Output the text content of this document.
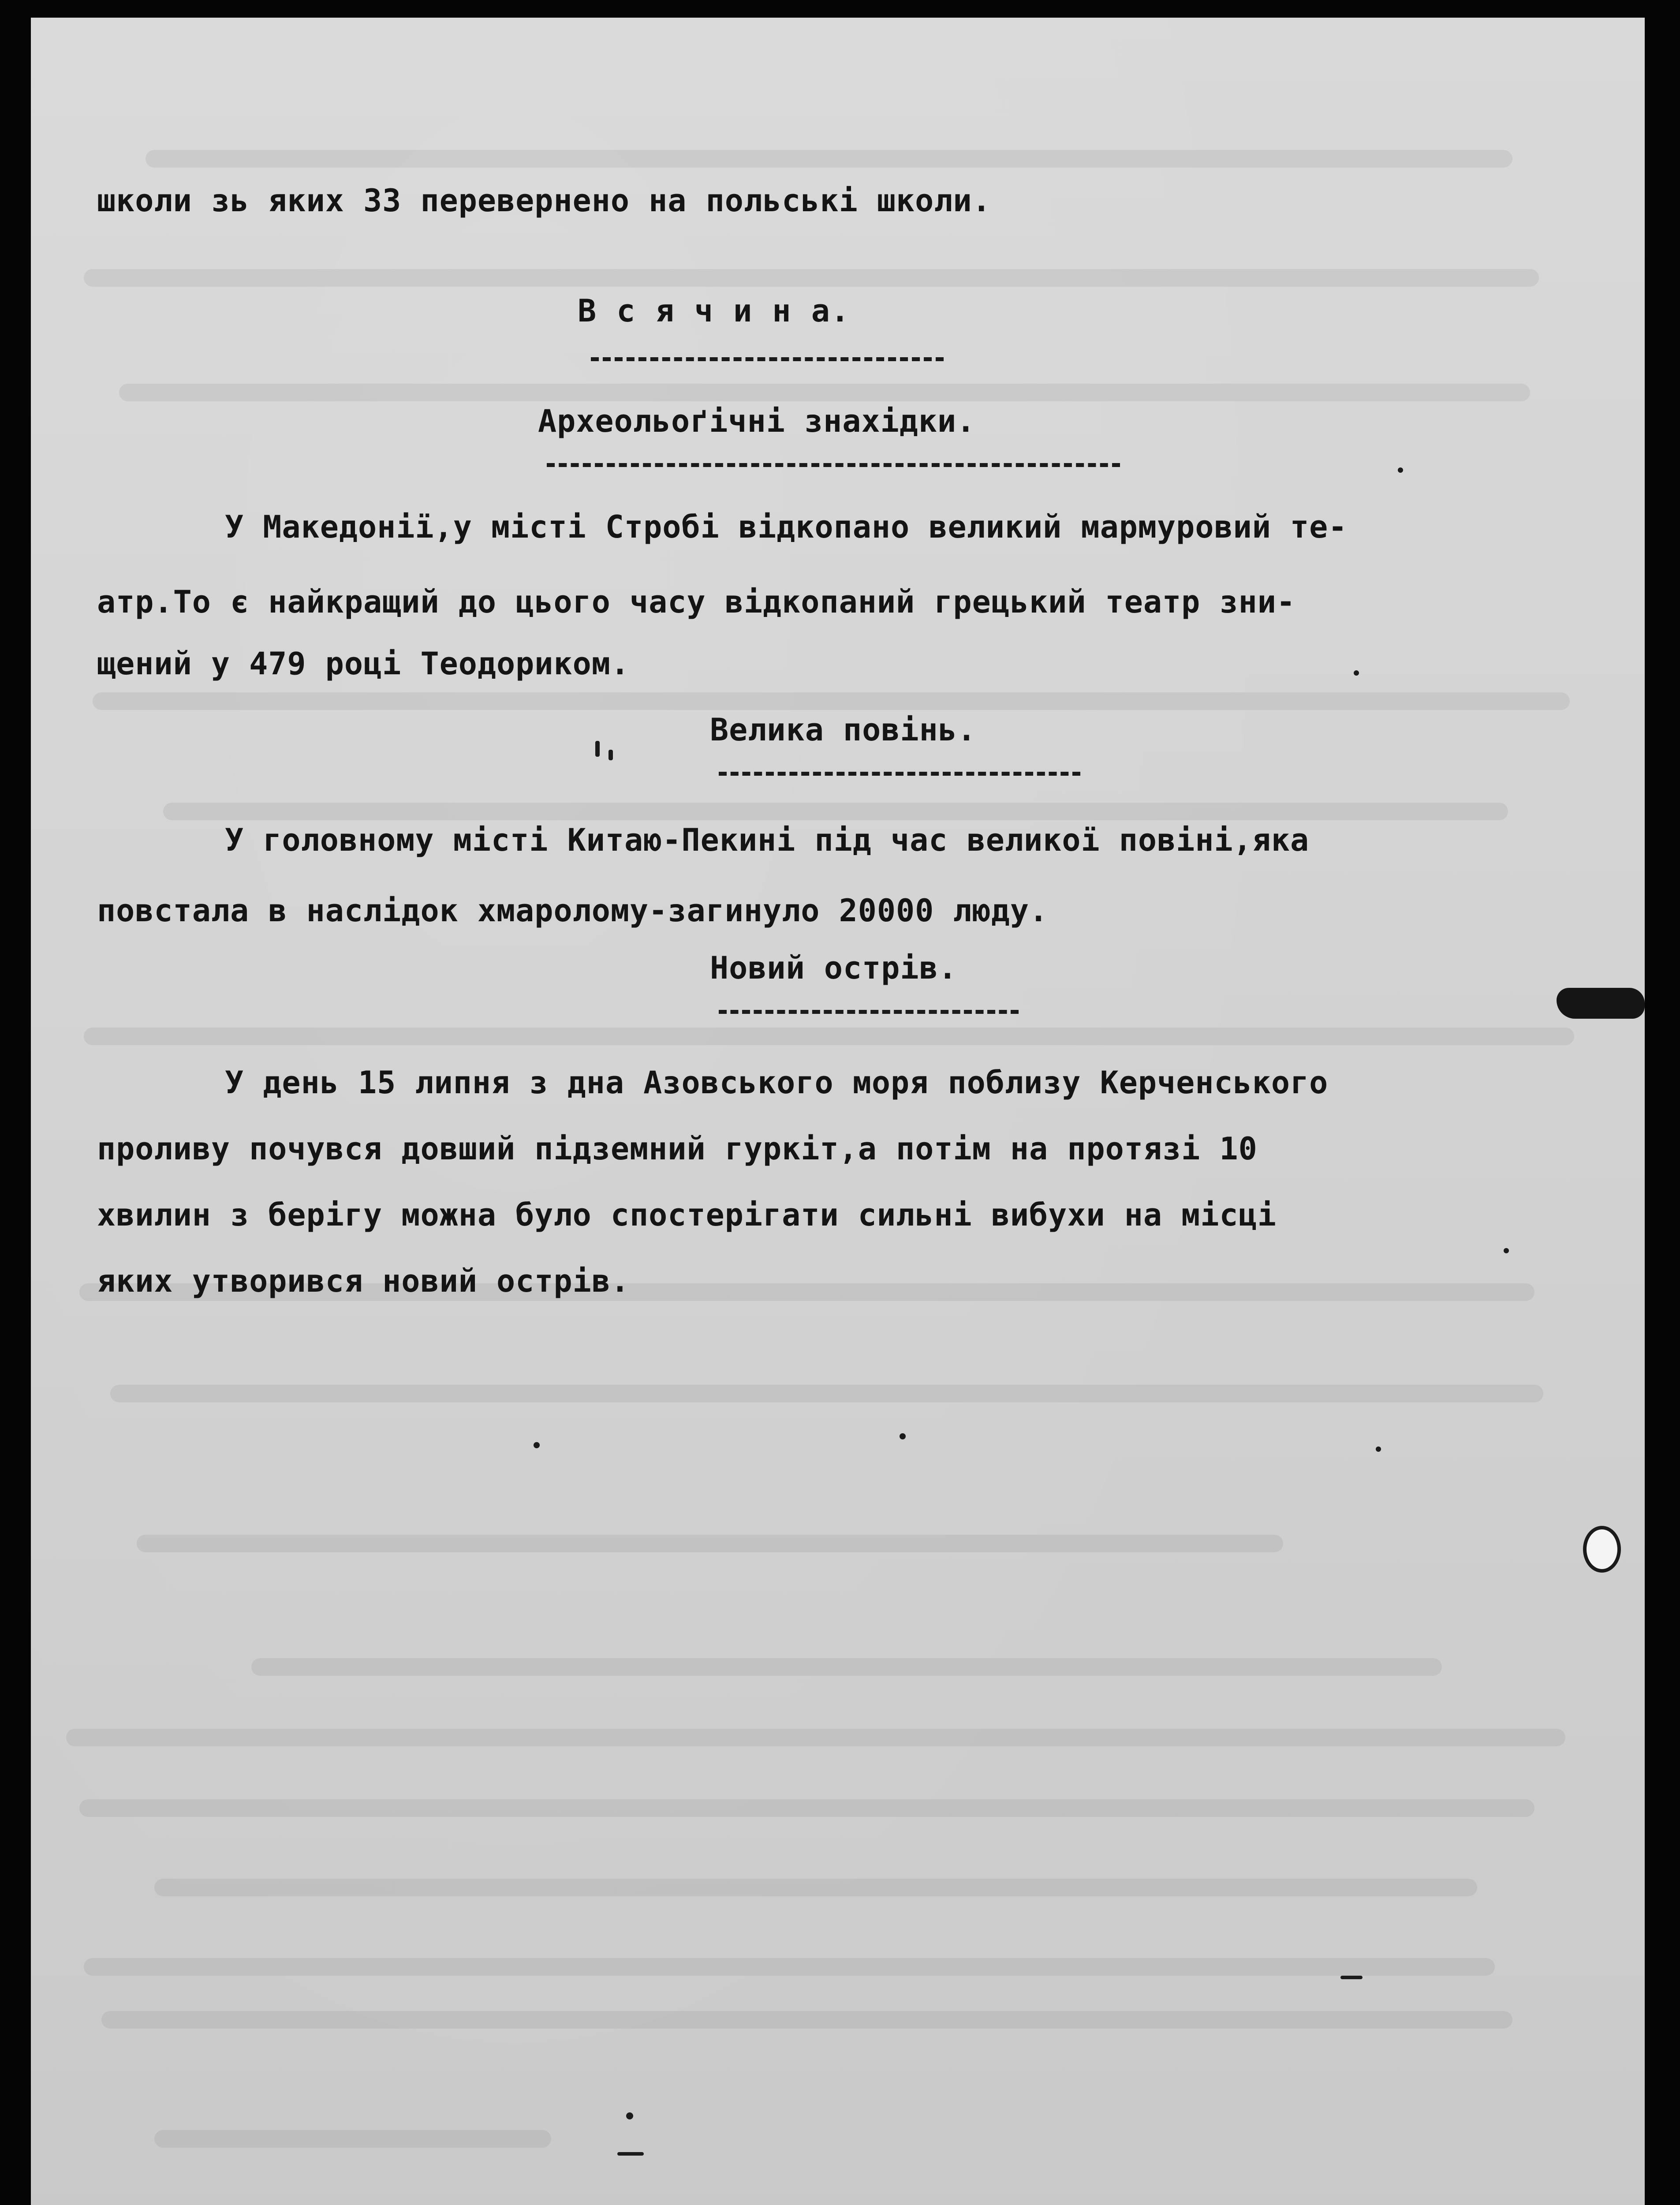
школи зь яких 33 перевернено на польські школи.
В с я ч и н а.
Археольоґічні знахідки.
У Македонії,у місті Стробі відкопано великий мармуровий те-
атр.То є найкращий до цього часу відкопаний грецький театр зни-
щений у 479 році Теодориком.
Велика повінь.
У головному місті Китаю-Пекині під час великої повіні,яка
повстала в наслідок хмаролому-загинуло 20000 люду.
Новий острів.
У день 15 липня з дна Азовського моря поблизу Керченського
проливу почувся довший підземний гуркіт,а потім на протязі 10
хвилин з берігу можна було спостерігати сильні вибухи на місці
яких утворився новий острів.
